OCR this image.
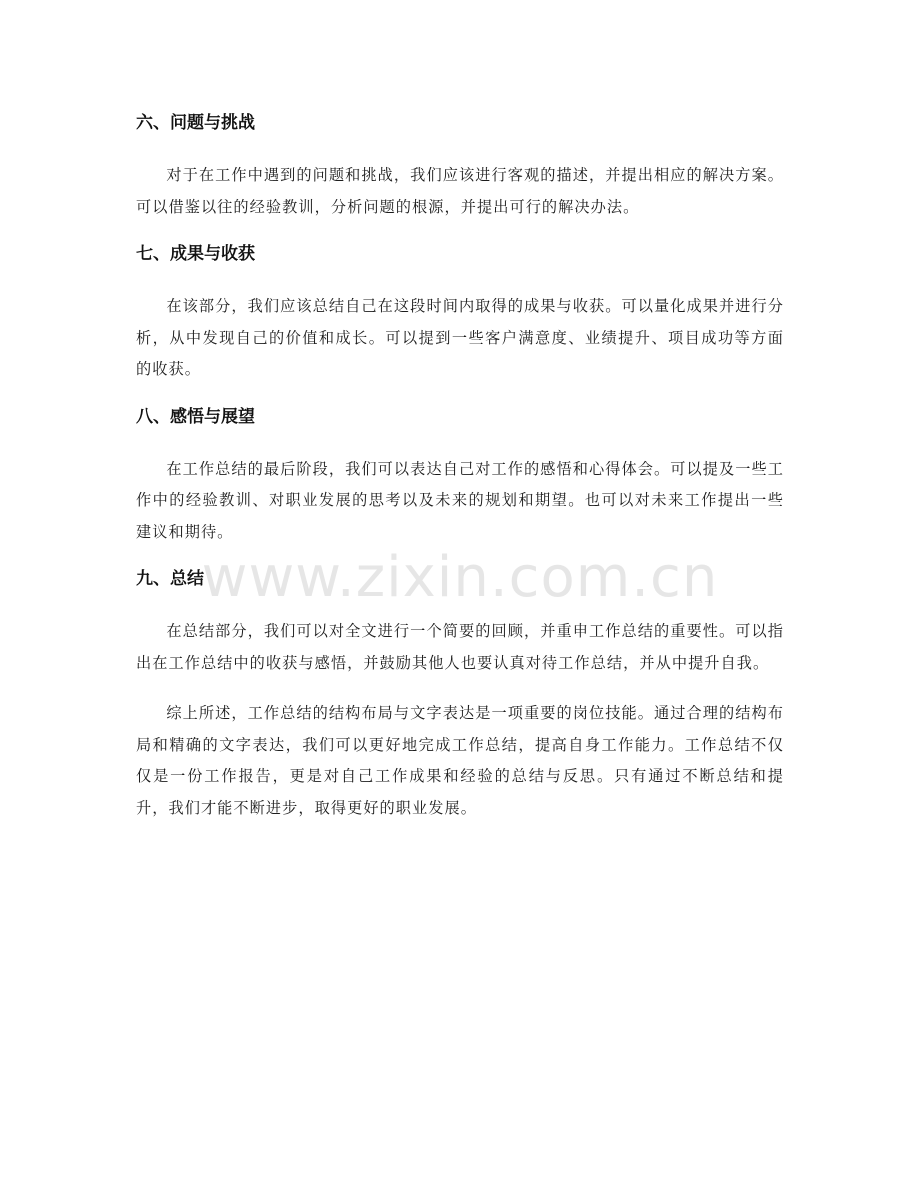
六、问题与挑战

对于在工作中遇到的问题和挑战，我们应该进行客观的描述，并提出相应的解决方案。可以借鉴以往的经验教训，分析问题的根源，并提出可行的解决办法。

七、成果与收获

在该部分，我们应该总结自己在这段时间内取得的成果与收获。可以量化成果并进行分析，从中发现自己的价值和成长。可以提到一些客户满意度、业绩提升、项目成功等方面的收获。

八、感悟与展望

在工作总结的最后阶段，我们可以表达自己对工作的感悟和心得体会。可以提及一些工作中的经验教训、对职业发展的思考以及未来的规划和期望。也可以对未来工作提出一些建议和期待。

九、总结

在总结部分，我们可以对全文进行一个简要的回顾，并重申工作总结的重要性。可以指出在工作总结中的收获与感悟，并鼓励其他人也要认真对待工作总结，并从中提升自我。

综上所述，工作总结的结构布局与文字表达是一项重要的岗位技能。通过合理的结构布局和精确的文字表达，我们可以更好地完成工作总结，提高自身工作能力。工作总结不仅仅是一份工作报告，更是对自己工作成果和经验的总结与反思。只有通过不断总结和提升，我们才能不断进步，取得更好的职业发展。

www.zixin.com.cn
